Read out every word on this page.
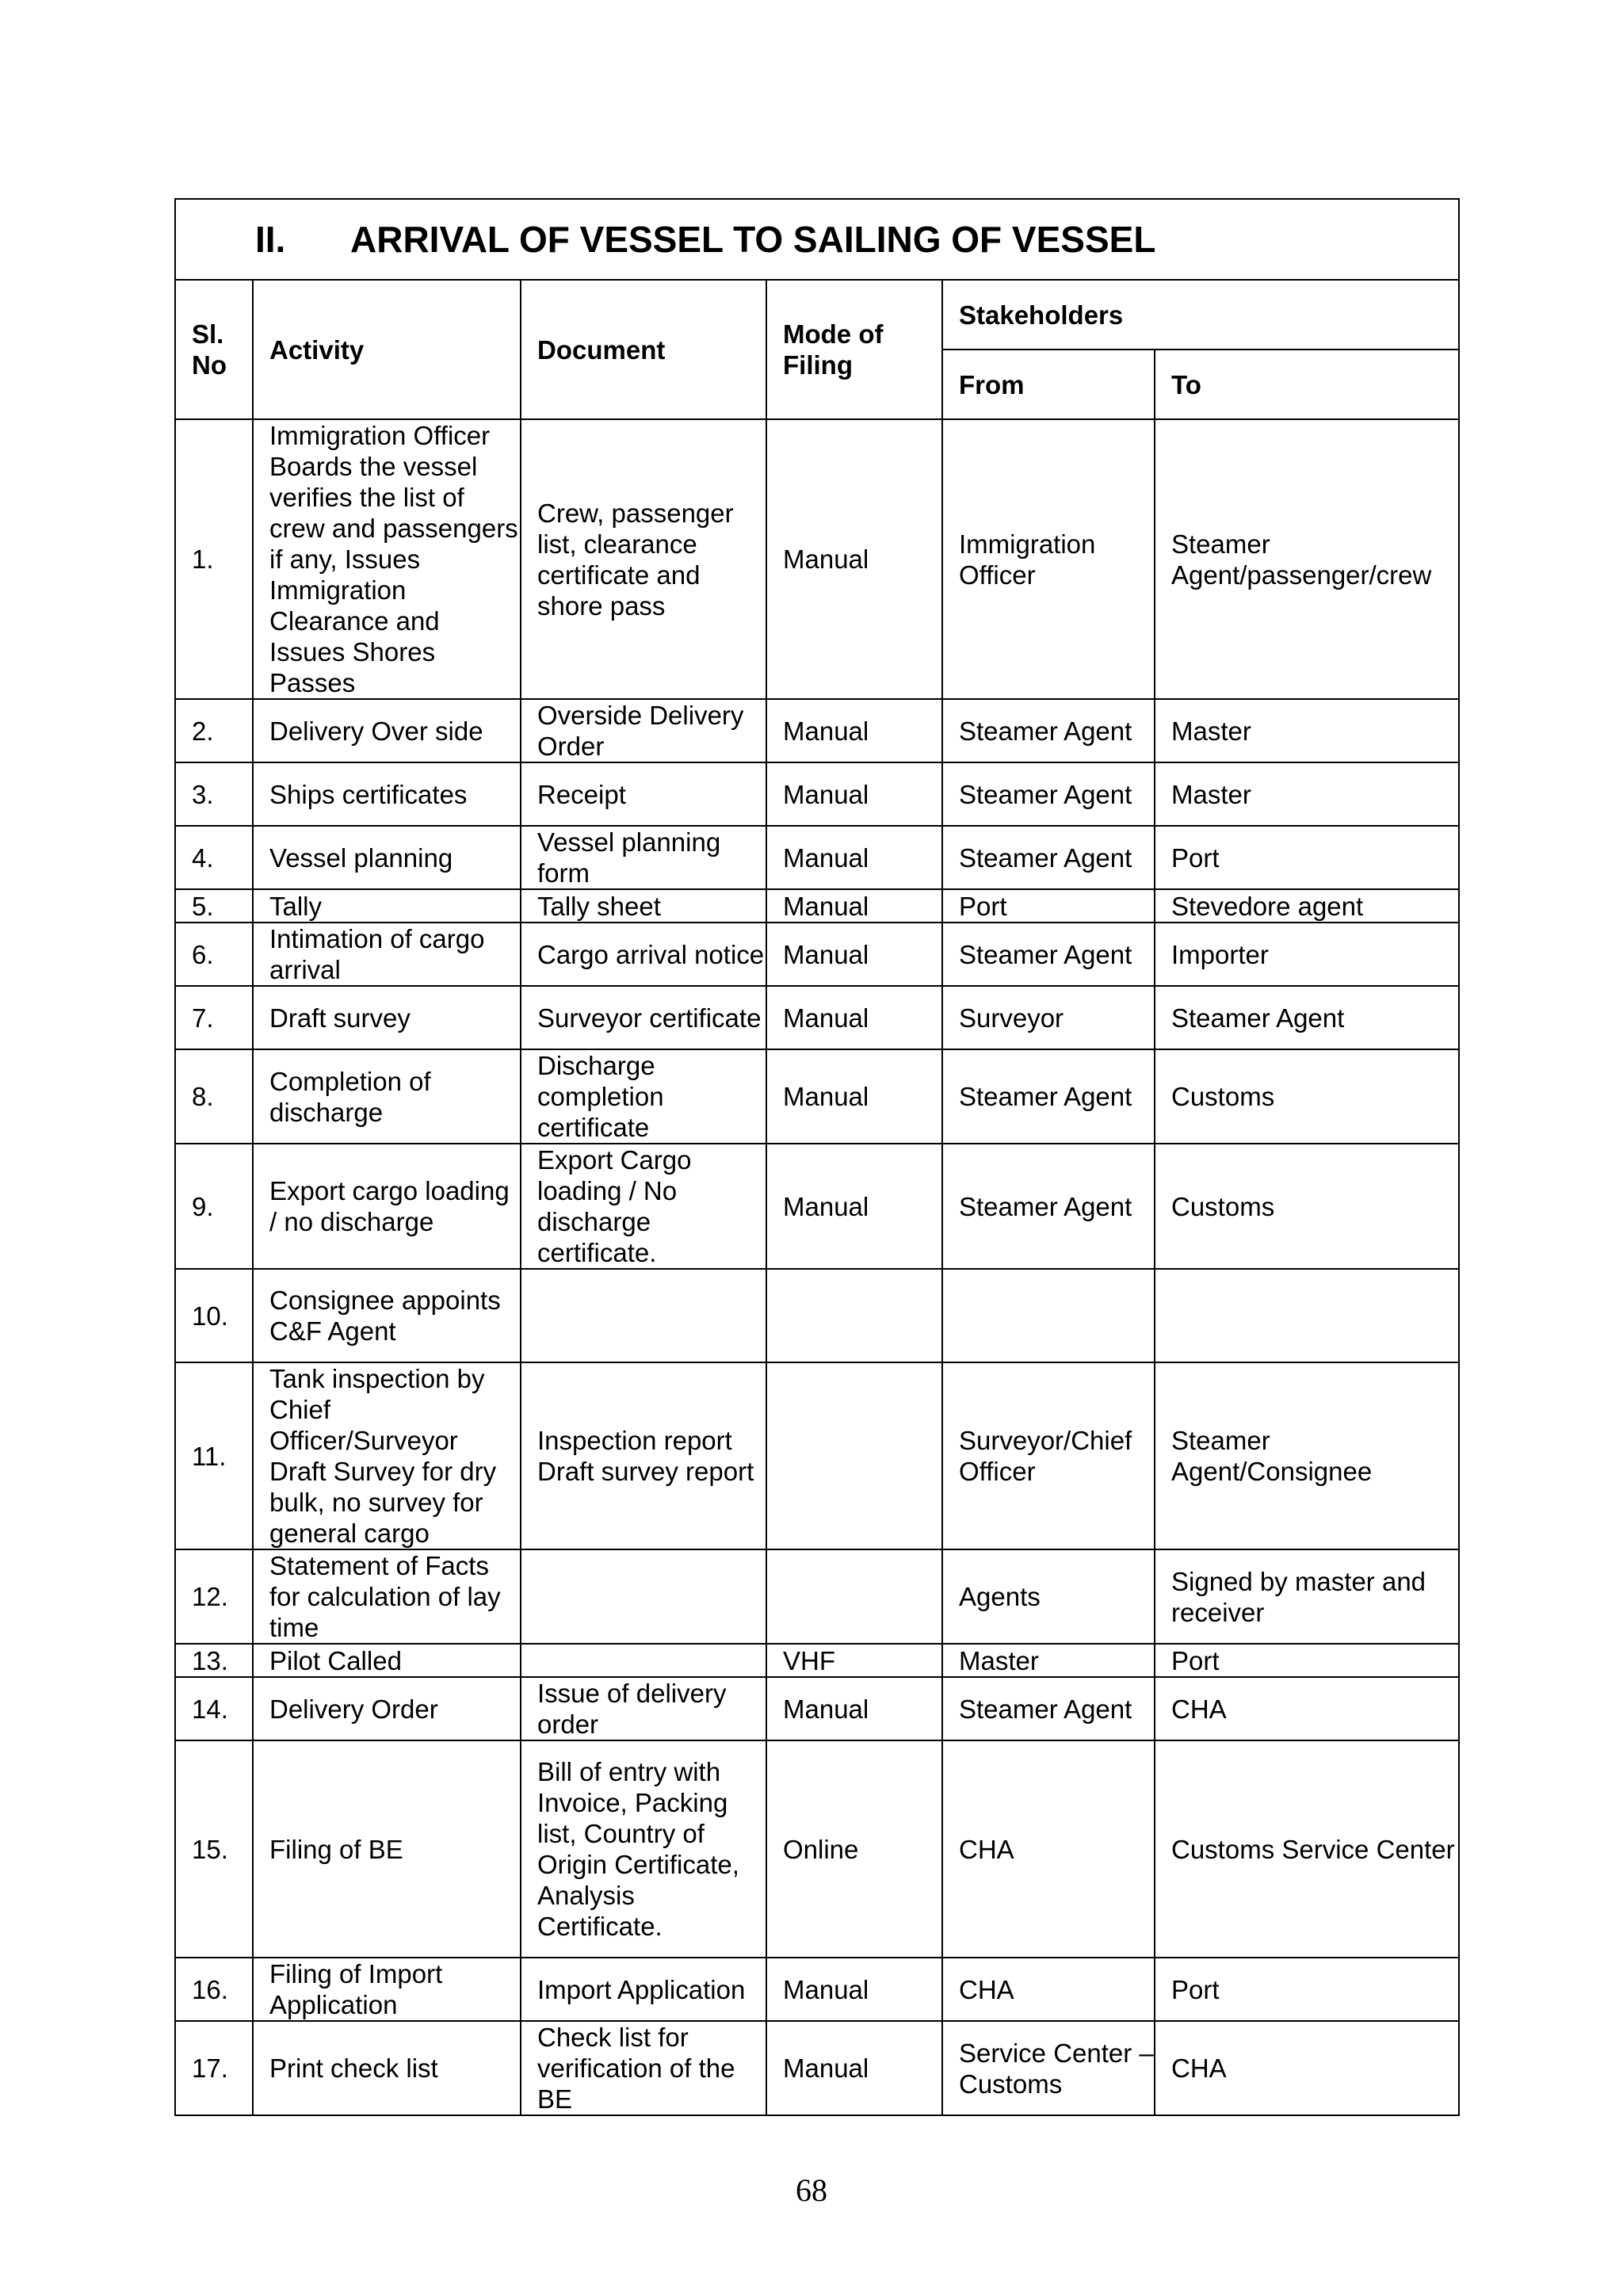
II. ARRIVAL OF VESSEL TO SAILING OF VESSEL					
Sl. No	Activity	Document	Mode of Filing	Stakeholders	
				From	To
1.	Immigration Officer Boards the vessel verifies the list of crew and passengers if any, Issues Immigration Clearance and Issues Shores Passes	Crew, passenger list, clearance certificate and shore pass	Manual	Immigration Officer	Steamer Agent/passenger/crew
2.	Delivery Over side	Overside Delivery Order	Manual	Steamer Agent	Master
3.	Ships certificates	Receipt	Manual	Steamer Agent	Master
4.	Vessel planning	Vessel planning form	Manual	Steamer Agent	Port
5.	Tally	Tally sheet	Manual	Port	Stevedore agent
6.	Intimation of cargo arrival	Cargo arrival notice	Manual	Steamer Agent	Importer
7.	Draft survey	Surveyor certificate	Manual	Surveyor	Steamer Agent
8.	Completion of discharge	Discharge completion certificate	Manual	Steamer Agent	Customs
9.	Export cargo loading / no discharge	Export Cargo loading / No discharge certificate.	Manual	Steamer Agent	Customs
10.	Consignee appoints C&F Agent				
11.	Tank inspection by Chief Officer/Surveyor Draft Survey for dry bulk, no survey for general cargo	Inspection report Draft survey report		Surveyor/Chief Officer	Steamer Agent/Consignee
12.	Statement of Facts for calculation of lay time			Agents	Signed by master and receiver
13.	Pilot Called		VHF	Master	Port
14.	Delivery Order	Issue of delivery order	Manual	Steamer Agent	CHA
15.	Filing of BE	Bill of entry with Invoice, Packing list, Country of Origin Certificate, Analysis Certificate.	Online	CHA	Customs Service Center
16.	Filing of Import Application	Import Application	Manual	CHA	Port
17.	Print check list	Check list for verification of the BE	Manual	Service Center – Customs	CHA
68
